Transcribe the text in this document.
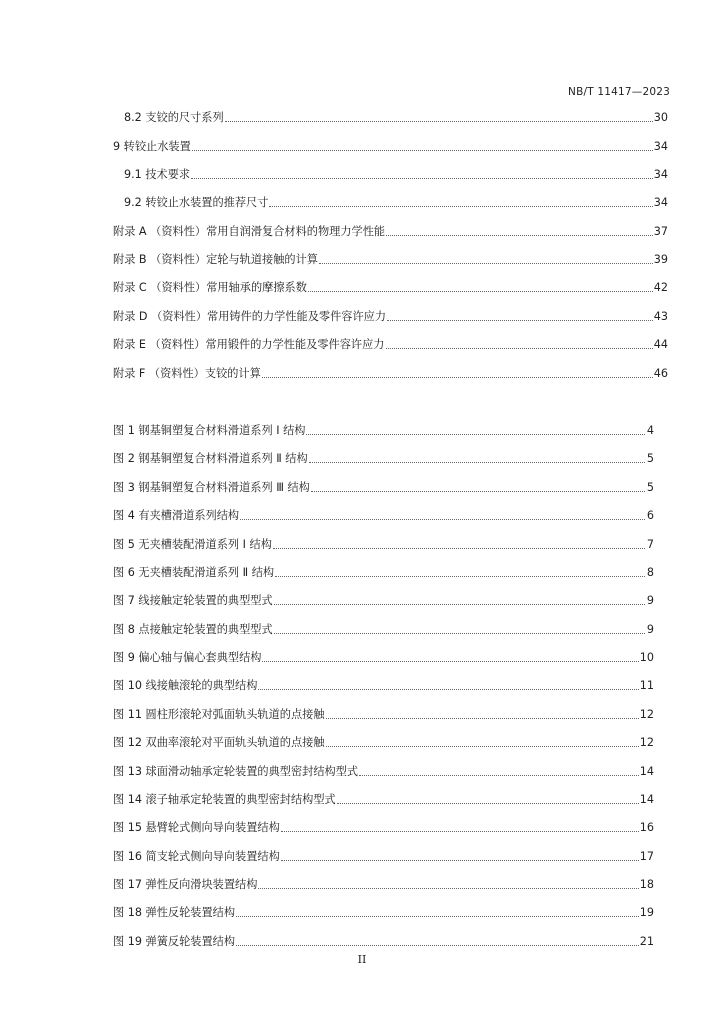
NB/T 11417—2023
8.2 支铰的尺寸系列	30
9 转铰止水装置	34
9.1 技术要求	34
9.2 转铰止水装置的推荐尺寸	34
附录 A （资料性）常用自润滑复合材料的物理力学性能	37
附录 B （资料性）定轮与轨道接触的计算	39
附录 C （资料性）常用轴承的摩擦系数	42
附录 D （资料性）常用铸件的力学性能及零件容许应力	43
附录 E （资料性）常用锻件的力学性能及零件容许应力	44
附录 F （资料性）支铰的计算	46
图 1 钢基铜塑复合材料滑道系列 Ⅰ 结构	4
图 2 钢基铜塑复合材料滑道系列 Ⅱ 结构	5
图 3 钢基铜塑复合材料滑道系列 Ⅲ 结构	5
图 4 有夹槽滑道系列结构	6
图 5 无夹槽装配滑道系列 Ⅰ 结构	7
图 6 无夹槽装配滑道系列 Ⅱ 结构	8
图 7 线接触定轮装置的典型型式	9
图 8 点接触定轮装置的典型型式	9
图 9 偏心轴与偏心套典型结构	10
图 10 线接触滚轮的典型结构	11
图 11 圆柱形滚轮对弧面轨头轨道的点接触	12
图 12 双曲率滚轮对平面轨头轨道的点接触	12
图 13 球面滑动轴承定轮装置的典型密封结构型式	14
图 14 滚子轴承定轮装置的典型密封结构型式	14
图 15 悬臂轮式侧向导向装置结构	16
图 16 简支轮式侧向导向装置结构	17
图 17 弹性反向滑块装置结构	18
图 18 弹性反轮装置结构	19
图 19 弹簧反轮装置结构	21
II
